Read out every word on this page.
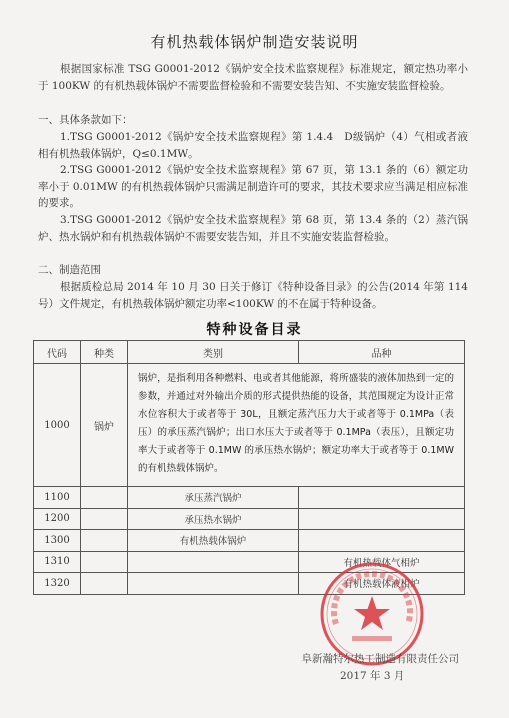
有机热载体锅炉制造安装说明
根据国家标准 TSG G0001-2012《锅炉安全技术监察规程》标准规定，额定热功率小于 100KW 的有机热载体锅炉不需要监督检验和不需要安装告知、不实施安装监督检验。
一、具体条款如下：
1.TSG G0001-2012《锅炉安全技术监察规程》第 1.4.4　D级锅炉（4）气相或者液相有机热载体锅炉，Q≤0.1MW。
2.TSG G0001-2012《锅炉安全技术监察规程》第 67 页，第 13.1 条的（6）额定功率小于 0.01MW 的有机热载体锅炉只需满足制造许可的要求，其技术要求应当满足相应标准的要求。
3.TSG G0001-2012《锅炉安全技术监察规程》第 68 页，第 13.4 条的（2）蒸汽锅炉、热水锅炉和有机热载体锅炉不需要安装告知，并且不实施安装监督检验。
二、制造范围
根据质检总局 2014 年 10 月 30 日关于修订《特种设备目录》的公告(2014 年第 114 号）文件规定，有机热载体锅炉额定功率<100KW 的不在属于特种设备。
特种设备目录
代码	种类	类别	品种
1000	锅炉	锅炉，是指利用各种燃料、电或者其他能源，将所盛装的液体加热到一定的参数，并通过对外输出介质的形式提供热能的设备，其范围规定为设计正常水位容积大于或者等于 30L，且额定蒸汽压力大于或者等于 0.1MPa（表压）的承压蒸汽锅炉；出口水压大于或者等于 0.1MPa（表压），且额定功率大于或者等于 0.1MW 的承压热水锅炉；额定功率大于或者等于 0.1MW 的有机热载体锅炉。	
1100		承压蒸汽锅炉	
1200		承压热水锅炉	
1300		有机热载体锅炉	
1310			有机热载体气相炉
1320			有机热载体液相炉
阜新瀚特尔热工制造有限责任公司
2017 年 3 月
